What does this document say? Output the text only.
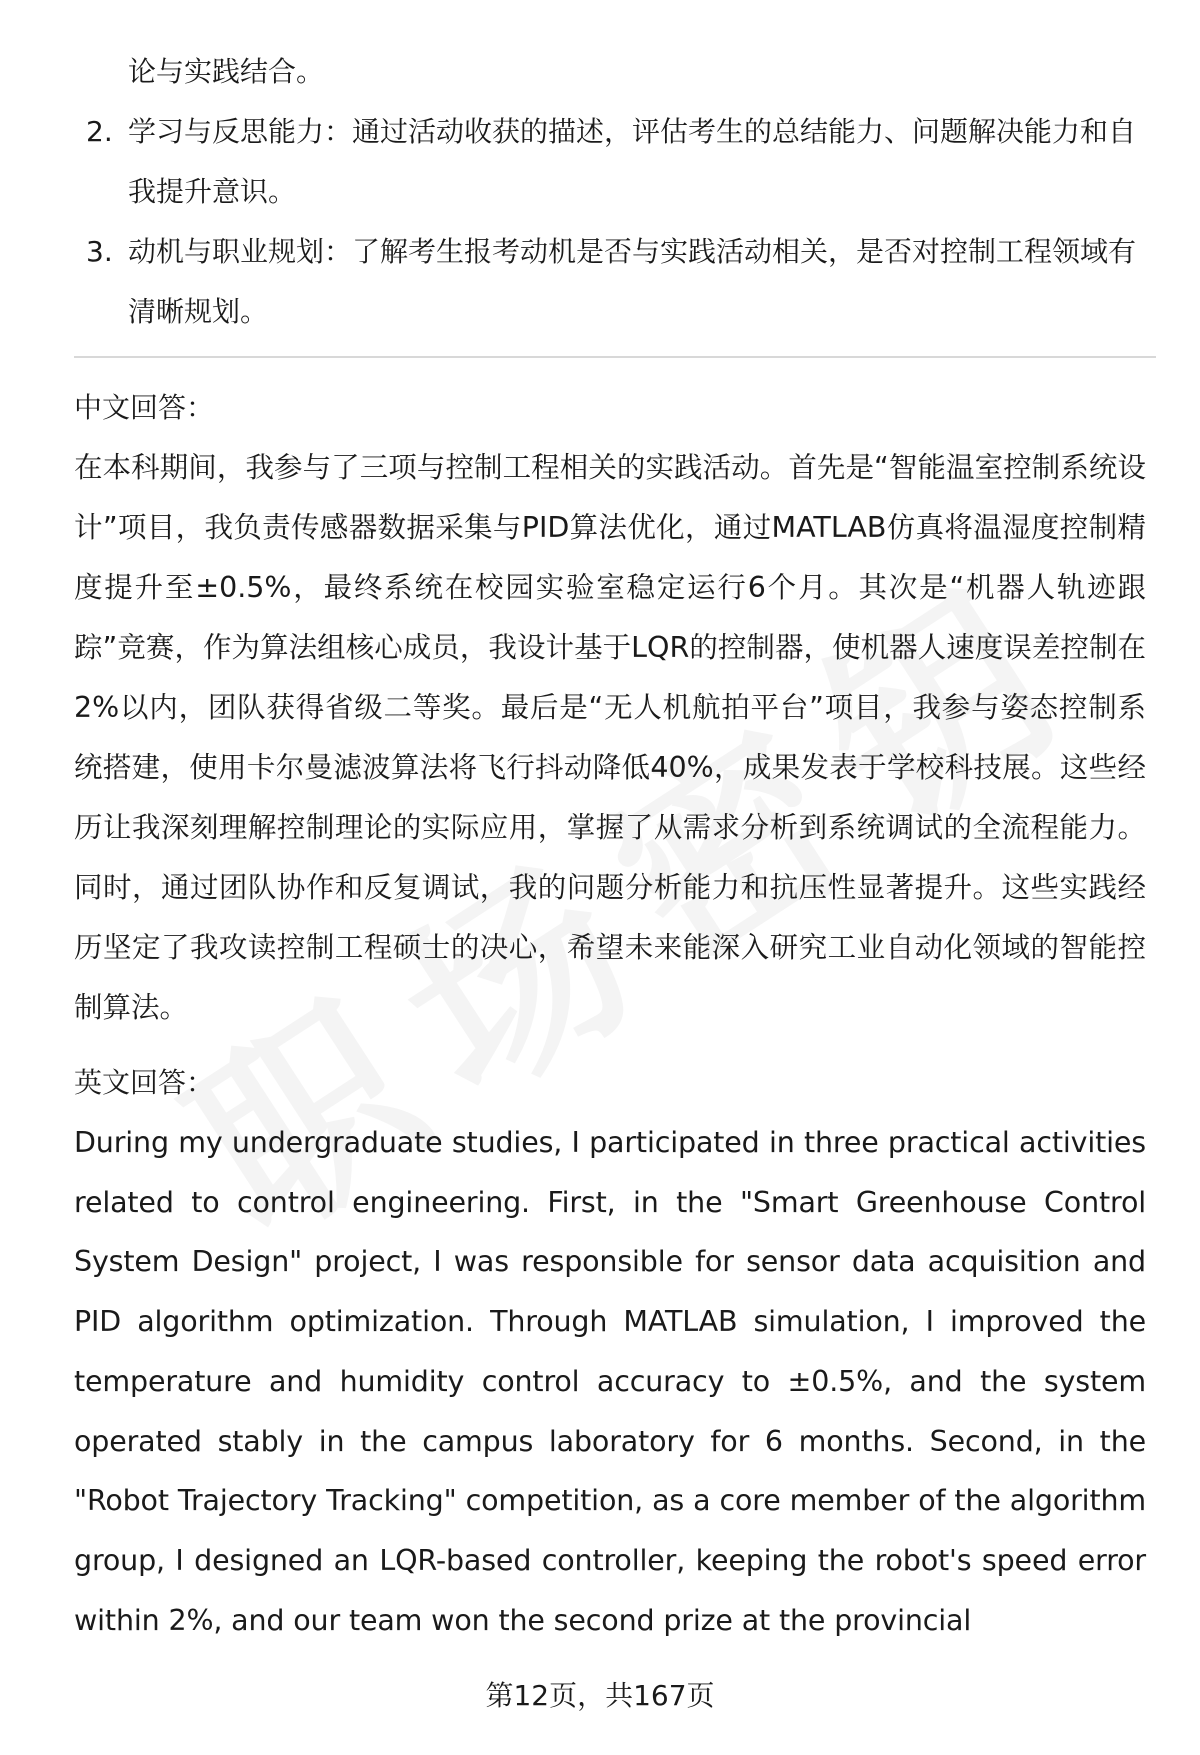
论与实践结合。
2. 学习与反思能力：通过活动收获的描述，评估考生的总结能力、问题解决能力和自我提升意识。
3. 动机与职业规划：了解考生报考动机是否与实践活动相关，是否对控制工程领域有清晰规划。
中文回答：
在本科期间，我参与了三项与控制工程相关的实践活动。首先是“智能温室控制系统设计”项目，我负责传感器数据采集与PID算法优化，通过MATLAB仿真将温湿度控制精度提升至±0.5%，最终系统在校园实验室稳定运行6个月。其次是“机器人轨迹跟踪”竞赛，作为算法组核心成员，我设计基于LQR的控制器，使机器人速度误差控制在2%以内，团队获得省级二等奖。最后是“无人机航拍平台”项目，我参与姿态控制系统搭建，使用卡尔曼滤波算法将飞行抖动降低40%，成果发表于学校科技展。这些经历让我深刻理解控制理论的实际应用，掌握了从需求分析到系统调试的全流程能力。同时，通过团队协作和反复调试，我的问题分析能力和抗压性显著提升。这些实践经历坚定了我攻读控制工程硕士的决心，希望未来能深入研究工业自动化领域的智能控制算法。
英文回答：
During my undergraduate studies, I participated in three practical activities related to control engineering. First, in the "Smart Greenhouse Control System Design" project, I was responsible for sensor data acquisition and PID algorithm optimization. Through MATLAB simulation, I improved the temperature and humidity control accuracy to ±0.5%, and the system operated stably in the campus laboratory for 6 months. Second, in the "Robot Trajectory Tracking" competition, as a core member of the algorithm group, I designed an LQR-based controller, keeping the robot's speed error within 2%, and our team won the second prize at the provincial
第12页，共167页
